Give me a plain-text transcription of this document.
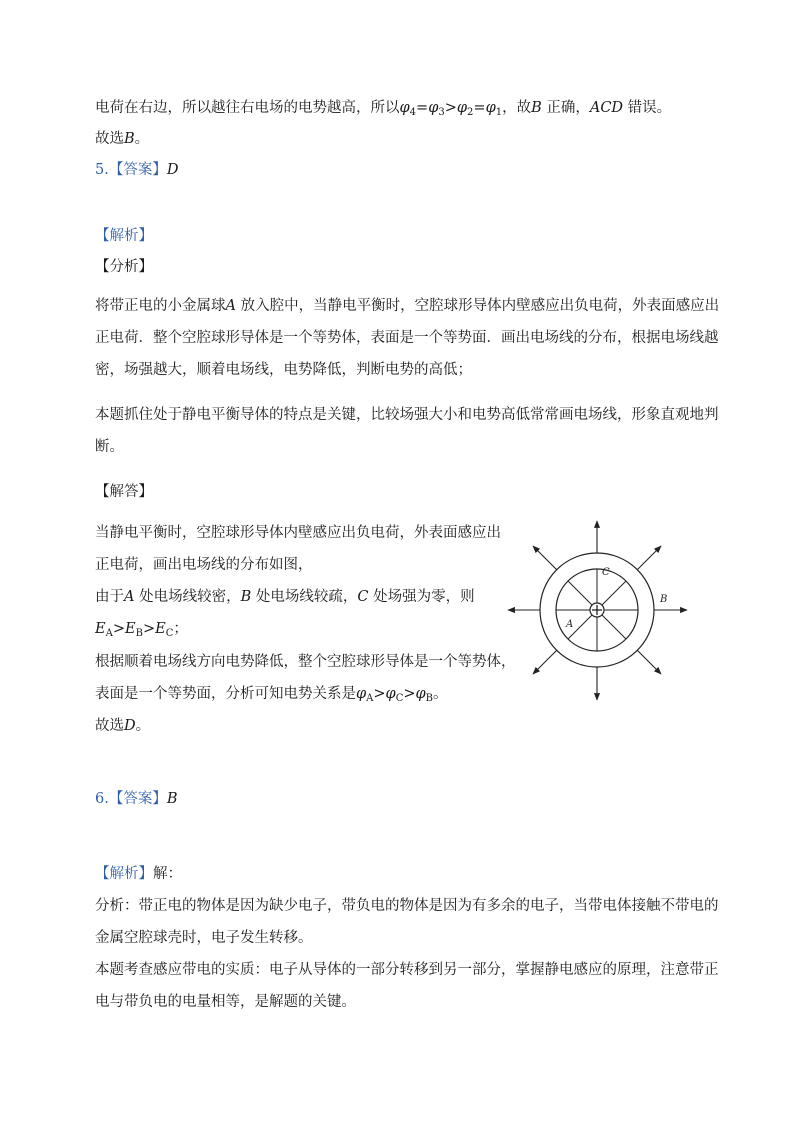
电荷在右边，所以越往右电场的电势越高，所以$\varphi_4=\varphi_3>\varphi_2=\varphi_1$，故B 正确，ACD 错误。
故选B。
5.【答案】D
【解析】
【分析】
将带正电的小金属球A 放入腔中，当静电平衡时，空腔球形导体内壁感应出负电荷，外表面感应出
正电荷．整个空腔球形导体是一个等势体，表面是一个等势面．画出电场线的分布，根据电场线越
密，场强越大，顺着电场线，电势降低，判断电势的高低；
本题抓住处于静电平衡导体的特点是关键，比较场强大小和电势高低常常画电场线，形象直观地判
断。
【解答】
当静电平衡时，空腔球形导体内壁感应出负电荷，外表面感应出
正电荷，画出电场线的分布如图，
由于A 处电场线较密，B 处电场线较疏，C 处场强为零，则
$E_A>E_B>E_C$；
根据顺着电场线方向电势降低，整个空腔球形导体是一个等势体，
表面是一个等势面，分析可知电势关系是$\varphi_A>\varphi_C>\varphi_B$。
故选D。
C
A
B
6.【答案】B
【解析】解：
分析：带正电的物体是因为缺少电子，带负电的物体是因为有多余的电子，当带电体接触不带电的
金属空腔球壳时，电子发生转移。
本题考查感应带电的实质：电子从导体的一部分转移到另一部分，掌握静电感应的原理，注意带正
电与带负电的电量相等，是解题的关键。
